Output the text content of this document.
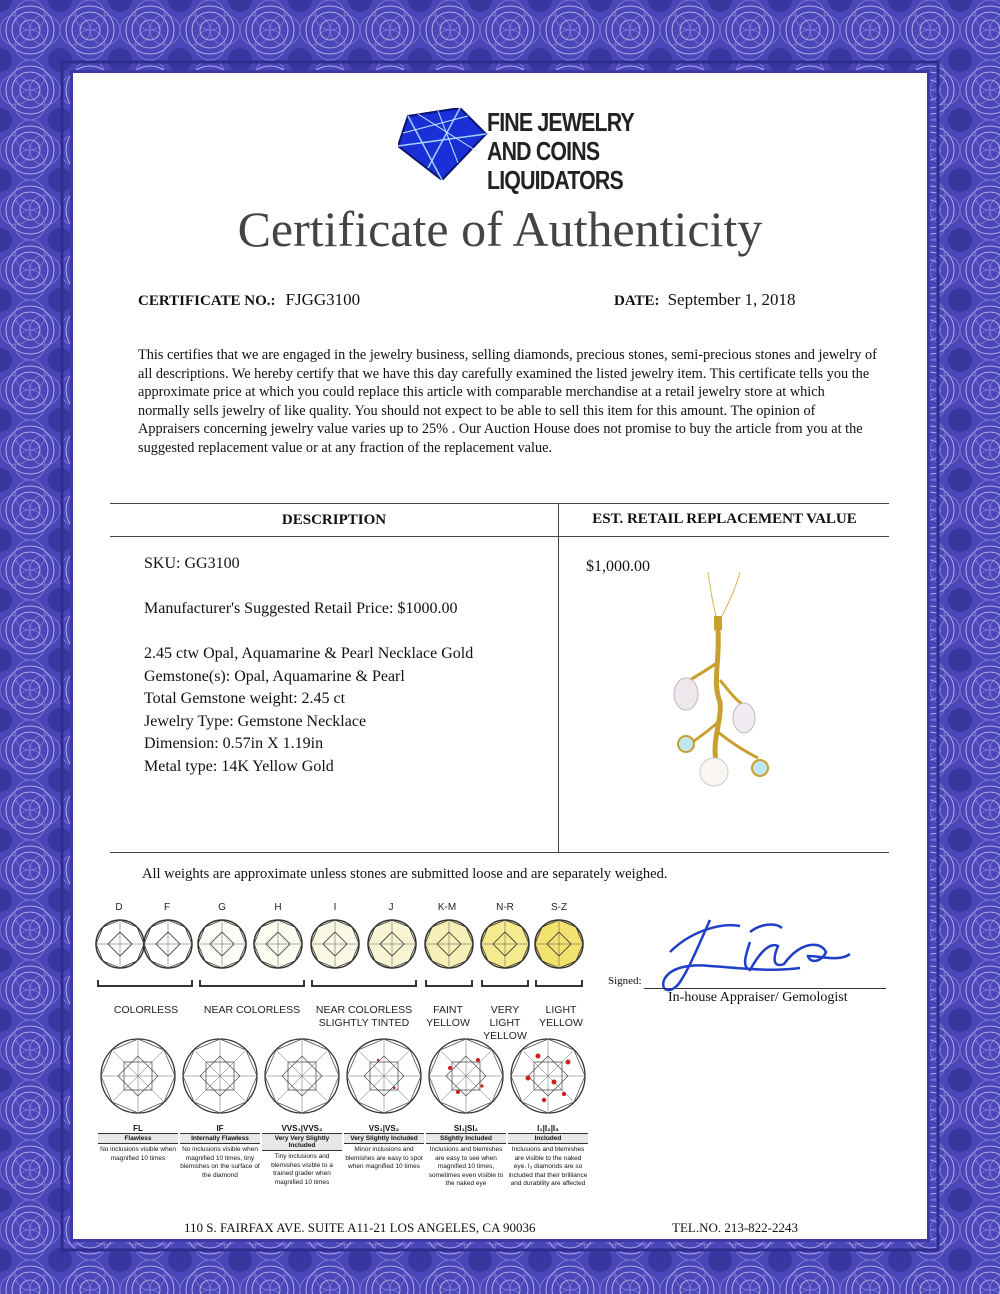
FINE JEWELRY
AND COINS
LIQUIDATORS
Certificate of Authenticity
CERTIFICATE NO.: FJGG3100	DATE: September 1, 2018
This certifies that we are engaged in the jewelry business, selling diamonds, precious stones, semi-precious stones and jewelry of all descriptions. We hereby certify that we have this day carefully examined the listed jewelry item. This certificate tells you the approximate price at which you could replace this article with comparable merchandise at a retail jewelry store at which normally sells jewelry of like quality. You should not expect to be able to sell this item for this amount. The opinion of Appraisers concerning jewelry value varies up to 25% . Our Auction House does not promise to buy the article from you at the suggested replacement value or at any fraction of the replacement value.
DESCRIPTION	EST. RETAIL REPLACEMENT VALUE
SKU: GG3100
Manufacturer's Suggested Retail Price: $1000.00
2.45 ctw Opal, Aquamarine & Pearl Necklace Gold
Gemstone(s): Opal, Aquamarine & Pearl
Total Gemstone weight: 2.45 ct
Jewelry Type: Gemstone Necklace
Dimension: 0.57in X 1.19in
Metal type: 14K Yellow Gold
$1,000.00
All weights are approximate unless stones are submitted loose and are separately weighed.
D	F	G	H	I	J	K-M	N-R	S-Z
COLORLESS	NEAR COLORLESS	NEAR COLORLESS
SLIGHTLY TINTED
FAINT
YELLOW
VERY LIGHT
YELLOW
LIGHT
YELLOW
FL
Flawless
No inclusions visible when magnified 10 times
IF
Internally Flawless
No inclusions visible when magnified 10 times, tiny blemishes on the surface of the diamond
VVS₁|VVS₂
Very Very Slightly Included
Tiny inclusions and blemishes visible to a trained grader when magnified 10 times
VS₁|VS₂
Very Slightly Included
Minor inclusions and blemishes are easy to spot when magnified 10 times
SI₁|SI₂
Slightly Included
Inclusions and blemishes are easy to see when magnified 10 times, sometimes even visible to the naked eye
I₁|I₂|I₃
Included
Inclusions and blemishes are visible to the naked eye. I₃ diamonds are so included that their brilliance and durability are affected
Signed:
In-house Appraiser/ Gemologist
110 S. FAIRFAX AVE. SUITE A11-21 LOS ANGELES, CA 90036	TEL.NO. 213-822-2243
